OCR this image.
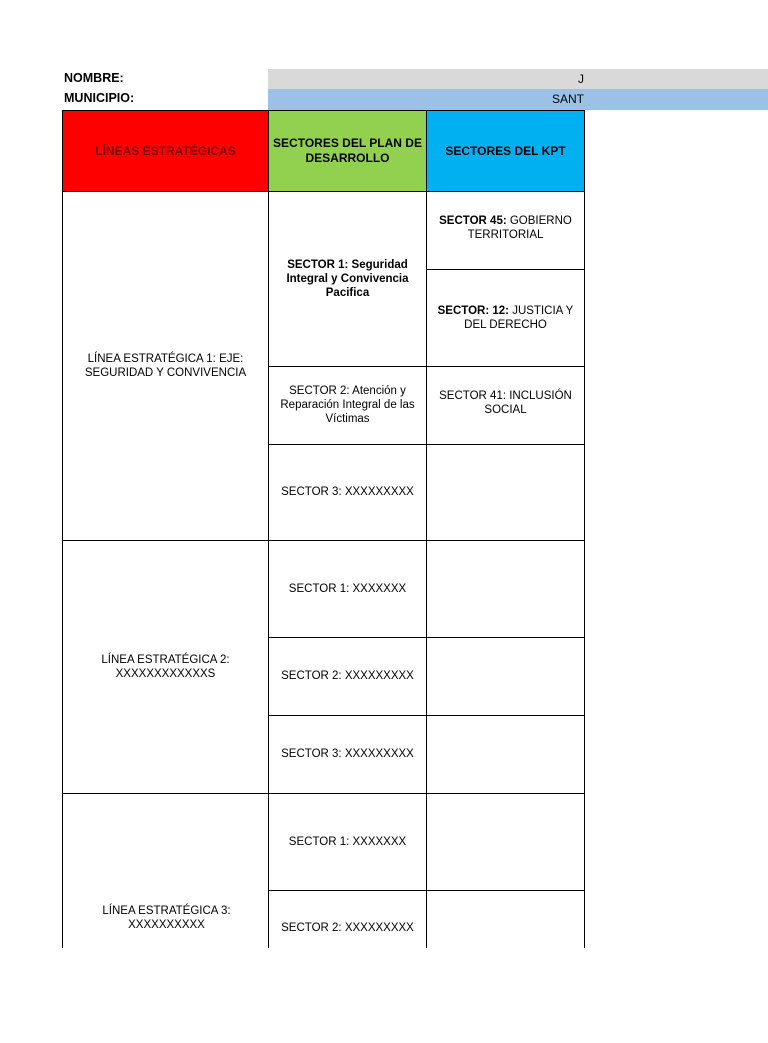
NOMBRE:	J
MUNICIPIO:	SANT
LÍNEAS ESTRATÉGICAS
SECTORES DEL PLAN DE DESARROLLO
SECTORES DEL KPT
LÍNEA ESTRATÉGICA 1: EJE: SEGURIDAD Y CONVIVENCIA
LÍNEA ESTRATÉGICA 2: XXXXXXXXXXXXS
LÍNEA ESTRATÉGICA 3: XXXXXXXXXX
SECTOR 1: Seguridad Integral y Convivencia Pacifica
SECTOR 2: Atención y Reparación Integral de las Víctimas
SECTOR 3: XXXXXXXXX
SECTOR 1: XXXXXXX
SECTOR 2: XXXXXXXXX
SECTOR 3: XXXXXXXXX
SECTOR 1: XXXXXXX
SECTOR 2: XXXXXXXXX
SECTOR 45: GOBIERNO TERRITORIAL
SECTOR: 12: JUSTICIA Y DEL DERECHO
SECTOR 41: INCLUSIÓN SOCIAL
